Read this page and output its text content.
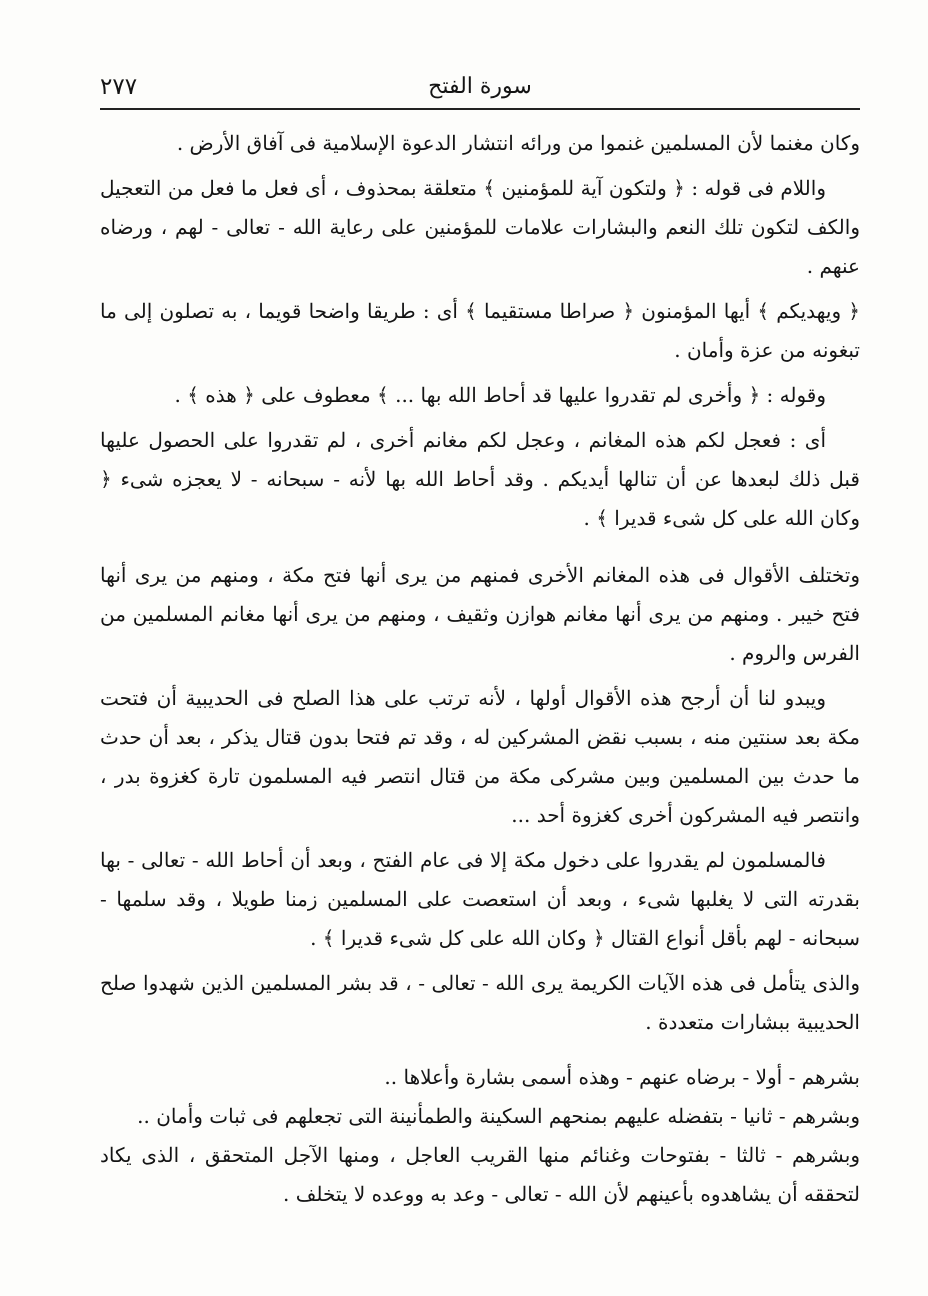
سورة الفتح
٢٧٧

وكان مغنما لأن المسلمين غنموا من ورائه انتشار الدعوة الإسلامية فى آفاق الأرض .

واللام فى قوله : ﴿ ولتكون آية للمؤمنين ﴾ متعلقة بمحذوف ، أى فعل ما فعل من التعجيل والكف لتكون تلك النعم والبشارات علامات للمؤمنين على رعاية الله - تعالى - لهم ، ورضاه عنهم .

﴿ ويهديكم ﴾ أيها المؤمنون ﴿ صراطا مستقيما ﴾ أى : طريقا واضحا قويما ، به تصلون إلى ما تبغونه من عزة وأمان .

وقوله : ﴿ وأخرى لم تقدروا عليها قد أحاط الله بها ... ﴾ معطوف على ﴿ هذه ﴾ .

أى : فعجل لكم هذه المغانم ، وعجل لكم مغانم أخرى ، لم تقدروا على الحصول عليها قبل ذلك لبعدها عن أن تنالها أيديكم . وقد أحاط الله بها لأنه - سبحانه - لا يعجزه شىء ﴿ وكان الله على كل شىء قديرا ﴾ .

وتختلف الأقوال فى هذه المغانم الأخرى فمنهم من يرى أنها فتح مكة ، ومنهم من يرى أنها فتح خيبر . ومنهم من يرى أنها مغانم هوازن وثقيف ، ومنهم من يرى أنها مغانم المسلمين من الفرس والروم .

ويبدو لنا أن أرجح هذه الأقوال أولها ، لأنه ترتب على هذا الصلح فى الحديبية أن فتحت مكة بعد سنتين منه ، بسبب نقض المشركين له ، وقد تم فتحا بدون قتال يذكر ، بعد أن حدث ما حدث بين المسلمين وبين مشركى مكة من قتال انتصر فيه المسلمون تارة كغزوة بدر ، وانتصر فيه المشركون أخرى كغزوة أحد ...

فالمسلمون لم يقدروا على دخول مكة إلا فى عام الفتح ، وبعد أن أحاط الله - تعالى - بها بقدرته التى لا يغلبها شىء ، وبعد أن استعصت على المسلمين زمنا طويلا ، وقد سلمها - سبحانه - لهم بأقل أنواع القتال ﴿ وكان الله على كل شىء قديرا ﴾ .

والذى يتأمل فى هذه الآيات الكريمة يرى الله - تعالى - ، قد بشر المسلمين الذين شهدوا صلح الحديبية ببشارات متعددة .

بشرهم - أولا - برضاه عنهم - وهذه أسمى بشارة وأعلاها ..

وبشرهم - ثانيا - بتفضله عليهم بمنحهم السكينة والطمأنينة التى تجعلهم فى ثبات وأمان ..

وبشرهم - ثالثا - بفتوحات وغنائم منها القريب العاجل ، ومنها الآجل المتحقق ، الذى يكاد لتحققه أن يشاهدوه بأعينهم لأن الله - تعالى - وعد به ووعده لا يتخلف .
